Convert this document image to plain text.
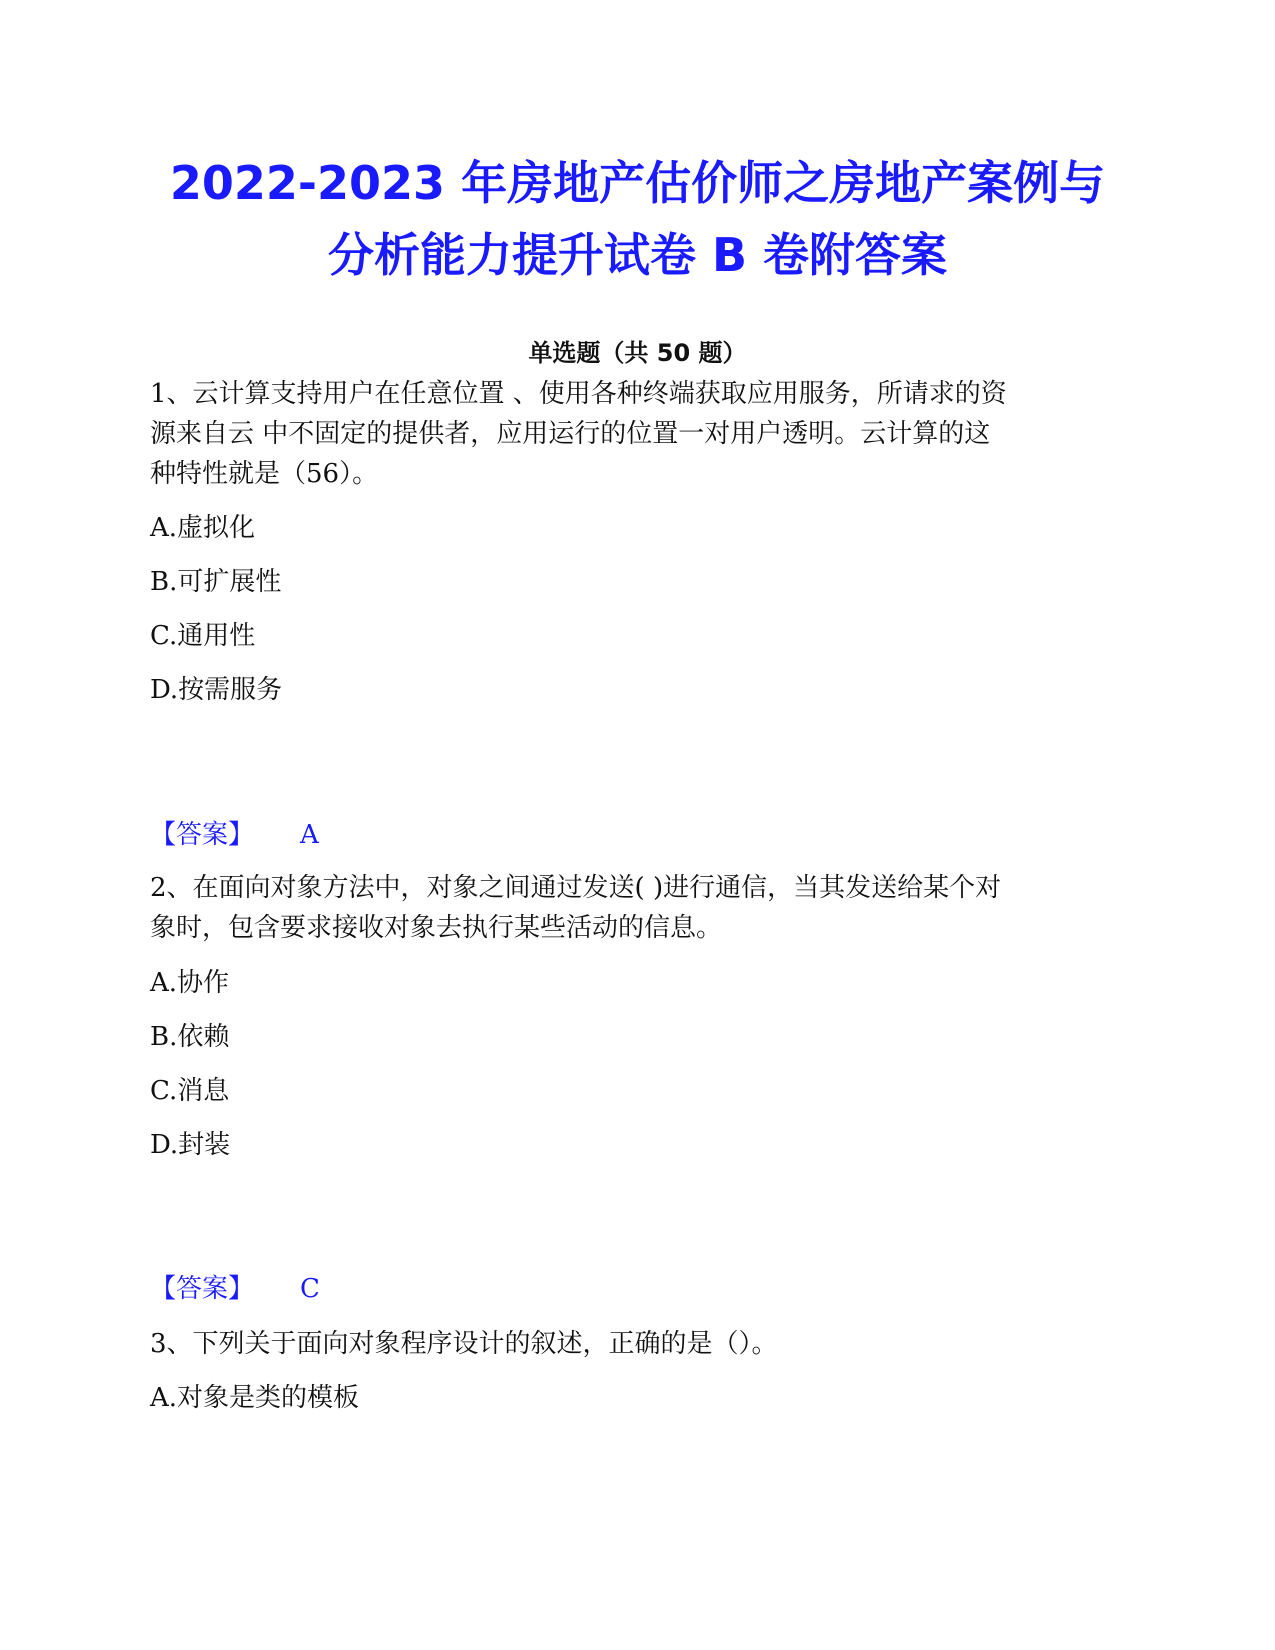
2022-2023 年房地产估价师之房地产案例与
分析能力提升试卷 B 卷附答案
单选题（共 50 题）
1、云计算支持用户在任意位置 、使用各种终端获取应用服务，所请求的资
源来自云 中不固定的提供者，应用运行的位置一对用户透明。云计算的这
种特性就是（56）。
A.虚拟化
B.可扩展性
C.通用性
D.按需服务
【答案】 A
2、在面向对象方法中，对象之间通过发送( )进行通信，当其发送给某个对
象时，包含要求接收对象去执行某些活动的信息。
A.协作
B.依赖
C.消息
D.封装
【答案】 C
3、下列关于面向对象程序设计的叙述，正确的是（）。
A.对象是类的模板
